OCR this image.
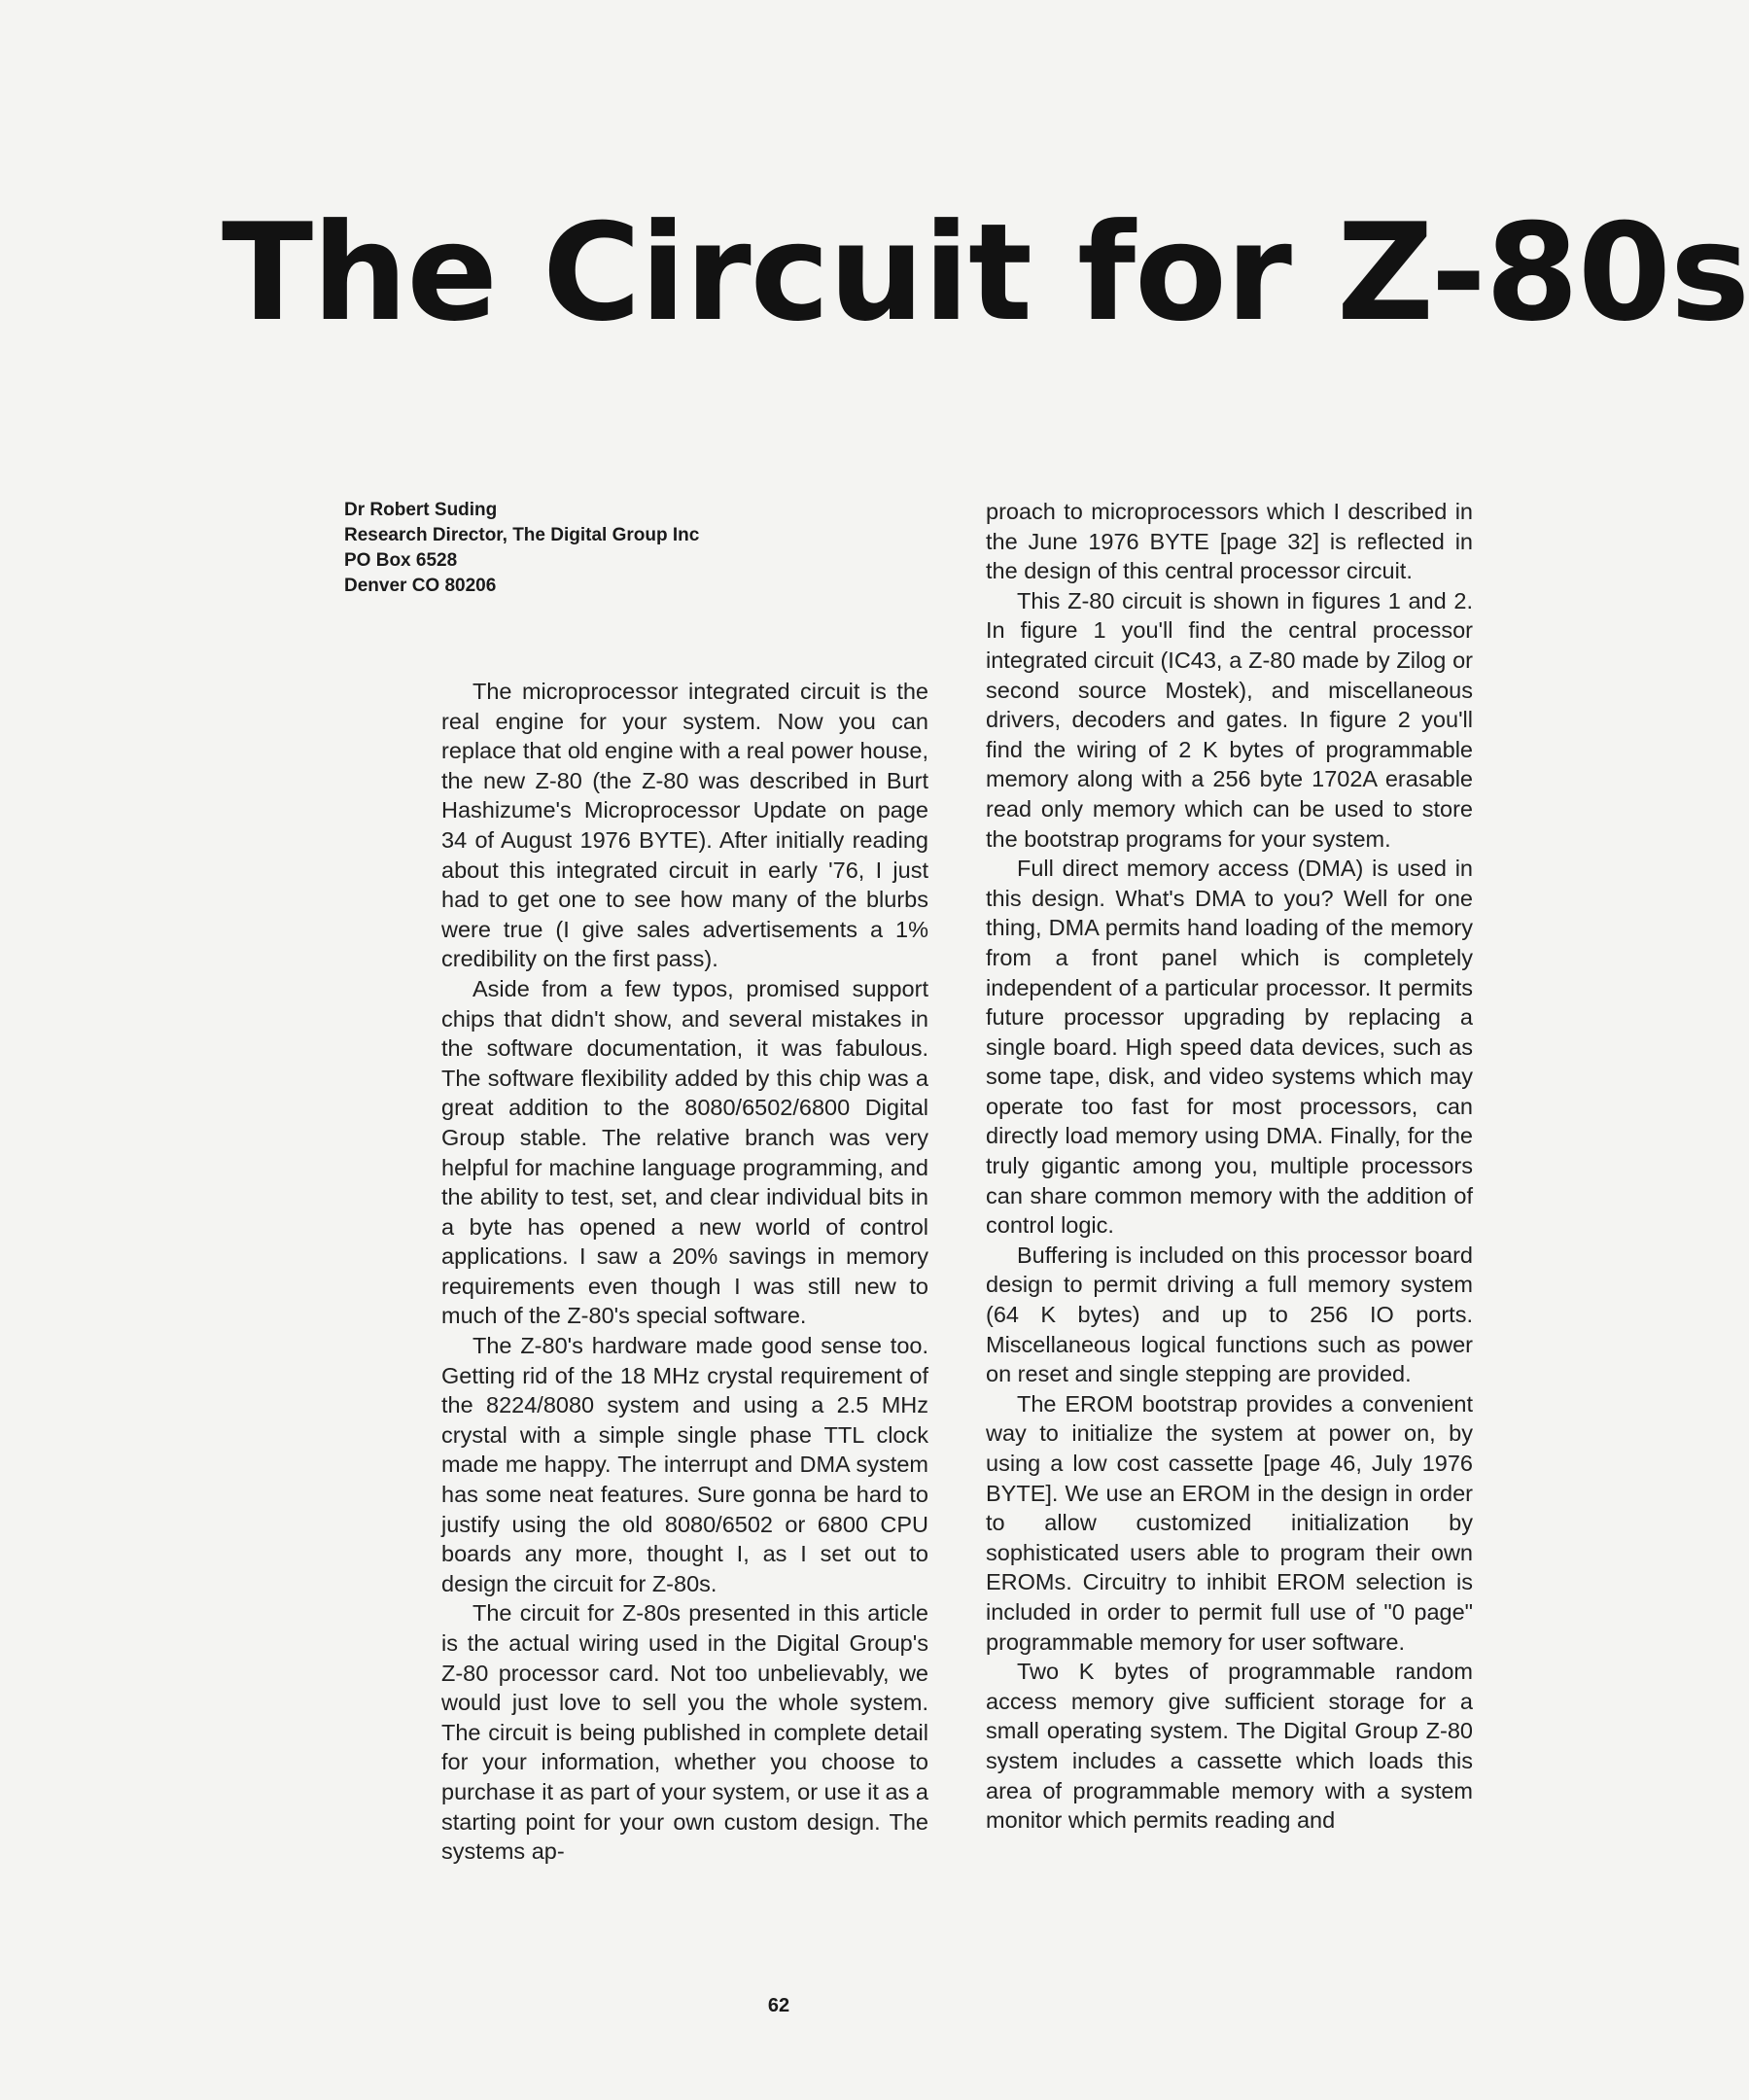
The Circuit for Z-80s
Dr Robert Suding
Research Director, The Digital Group Inc
PO Box 6528
Denver CO 80206

The microprocessor integrated circuit is the real engine for your system. Now you can replace that old engine with a real power house, the new Z-80 (the Z-80 was described in Burt Hashizume's Microprocessor Update on page 34 of August 1976 BYTE). After initially reading about this integrated circuit in early '76, I just had to get one to see how many of the blurbs were true (I give sales advertisements a 1% credibility on the first pass).

Aside from a few typos, promised support chips that didn't show, and several mistakes in the software documentation, it was fabulous. The software flexibility added by this chip was a great addition to the 8080/6502/6800 Digital Group stable. The relative branch was very helpful for machine language programming, and the ability to test, set, and clear individual bits in a byte has opened a new world of control applications. I saw a 20% savings in memory requirements even though I was still new to much of the Z-80's special software.

The Z-80's hardware made good sense too. Getting rid of the 18 MHz crystal requirement of the 8224/8080 system and using a 2.5 MHz crystal with a simple single phase TTL clock made me happy. The interrupt and DMA system has some neat features. Sure gonna be hard to justify using the old 8080/6502 or 6800 CPU boards any more, thought I, as I set out to design the circuit for Z-80s.

The circuit for Z-80s presented in this article is the actual wiring used in the Digital Group's Z-80 processor card. Not too unbelievably, we would just love to sell you the whole system. The circuit is being published in complete detail for your information, whether you choose to purchase it as part of your system, or use it as a starting point for your own custom design. The systems ap-

proach to microprocessors which I described in the June 1976 BYTE [page 32] is reflected in the design of this central processor circuit.

This Z-80 circuit is shown in figures 1 and 2. In figure 1 you'll find the central processor integrated circuit (IC43, a Z-80 made by Zilog or second source Mostek), and miscellaneous drivers, decoders and gates. In figure 2 you'll find the wiring of 2 K bytes of programmable memory along with a 256 byte 1702A erasable read only memory which can be used to store the bootstrap programs for your system.

Full direct memory access (DMA) is used in this design. What's DMA to you? Well for one thing, DMA permits hand loading of the memory from a front panel which is completely independent of a particular processor. It permits future processor upgrading by replacing a single board. High speed data devices, such as some tape, disk, and video systems which may operate too fast for most processors, can directly load memory using DMA. Finally, for the truly gigantic among you, multiple processors can share common memory with the addition of control logic.

Buffering is included on this processor board design to permit driving a full memory system (64 K bytes) and up to 256 IO ports. Miscellaneous logical functions such as power on reset and single stepping are provided.

The EROM bootstrap provides a convenient way to initialize the system at power on, by using a low cost cassette [page 46, July 1976 BYTE]. We use an EROM in the design in order to allow customized initialization by sophisticated users able to program their own EROMs. Circuitry to inhibit EROM selection is included in order to permit full use of "0 page" programmable memory for user software.

Two K bytes of programmable random access memory give sufficient storage for a small operating system. The Digital Group Z-80 system includes a cassette which loads this area of programmable memory with a system monitor which permits reading and

62
